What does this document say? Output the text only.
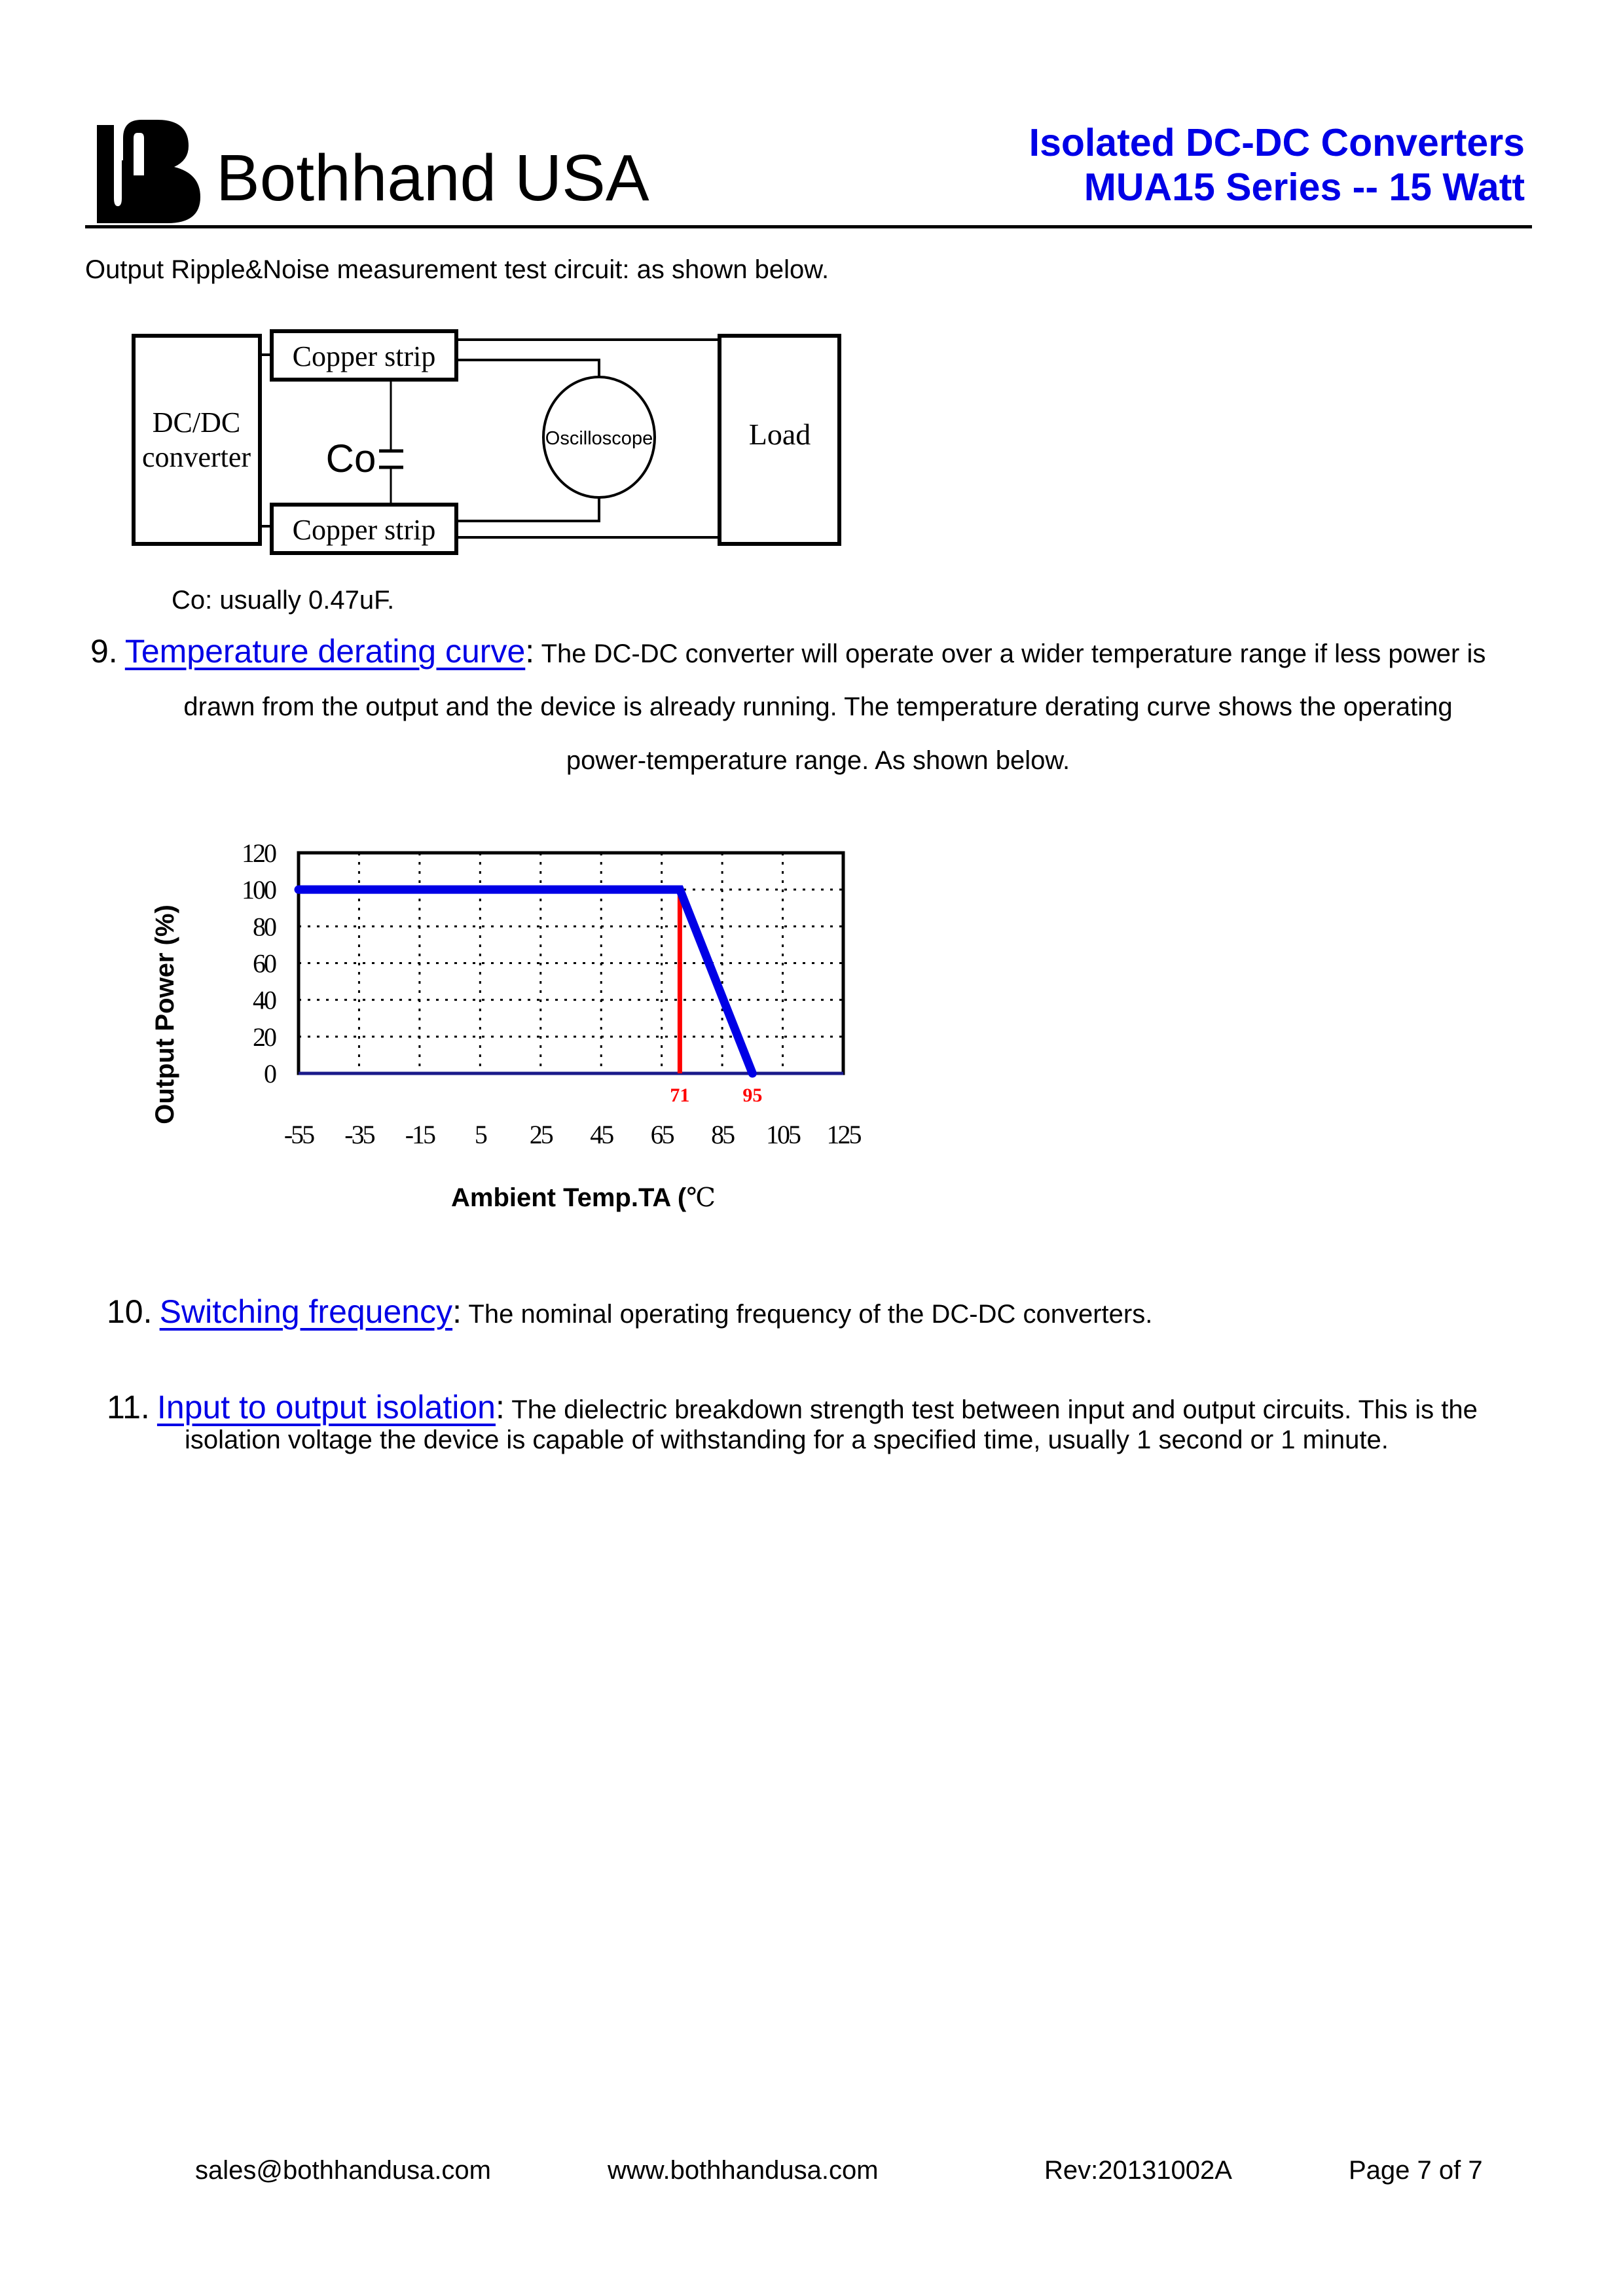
Bothhand USA	Isolated DC-DC Converters
MUA15 Series -- 15 Watt
Output Ripple&Noise measurement test circuit: as shown below.
DC/DC
converter
Copper strip
Copper strip
Co	Oscilloscope	Load
Co: usually 0.47uF.
9. Temperature derating curve: The DC-DC converter will operate over a wider temperature range if less power is
drawn from the output and the device is already running. The temperature derating curve shows the operating
power-temperature range. As shown below.
71	95
-55 -35 -15 5 25 45 65 85 105 125
0
20
40
60
80
100
120
Output Power (%)
Ambient Temp.TA (℃
10. Switching frequency: The nominal operating frequency of the DC-DC converters.
11. Input to output isolation: The dielectric breakdown strength test between input and output circuits. This is the
isolation voltage the device is capable of withstanding for a specified time, usually 1 second or 1 minute.
sales@bothhandusa.com	www.bothhandusa.com	Rev:20131002A	Page 7 of 7
